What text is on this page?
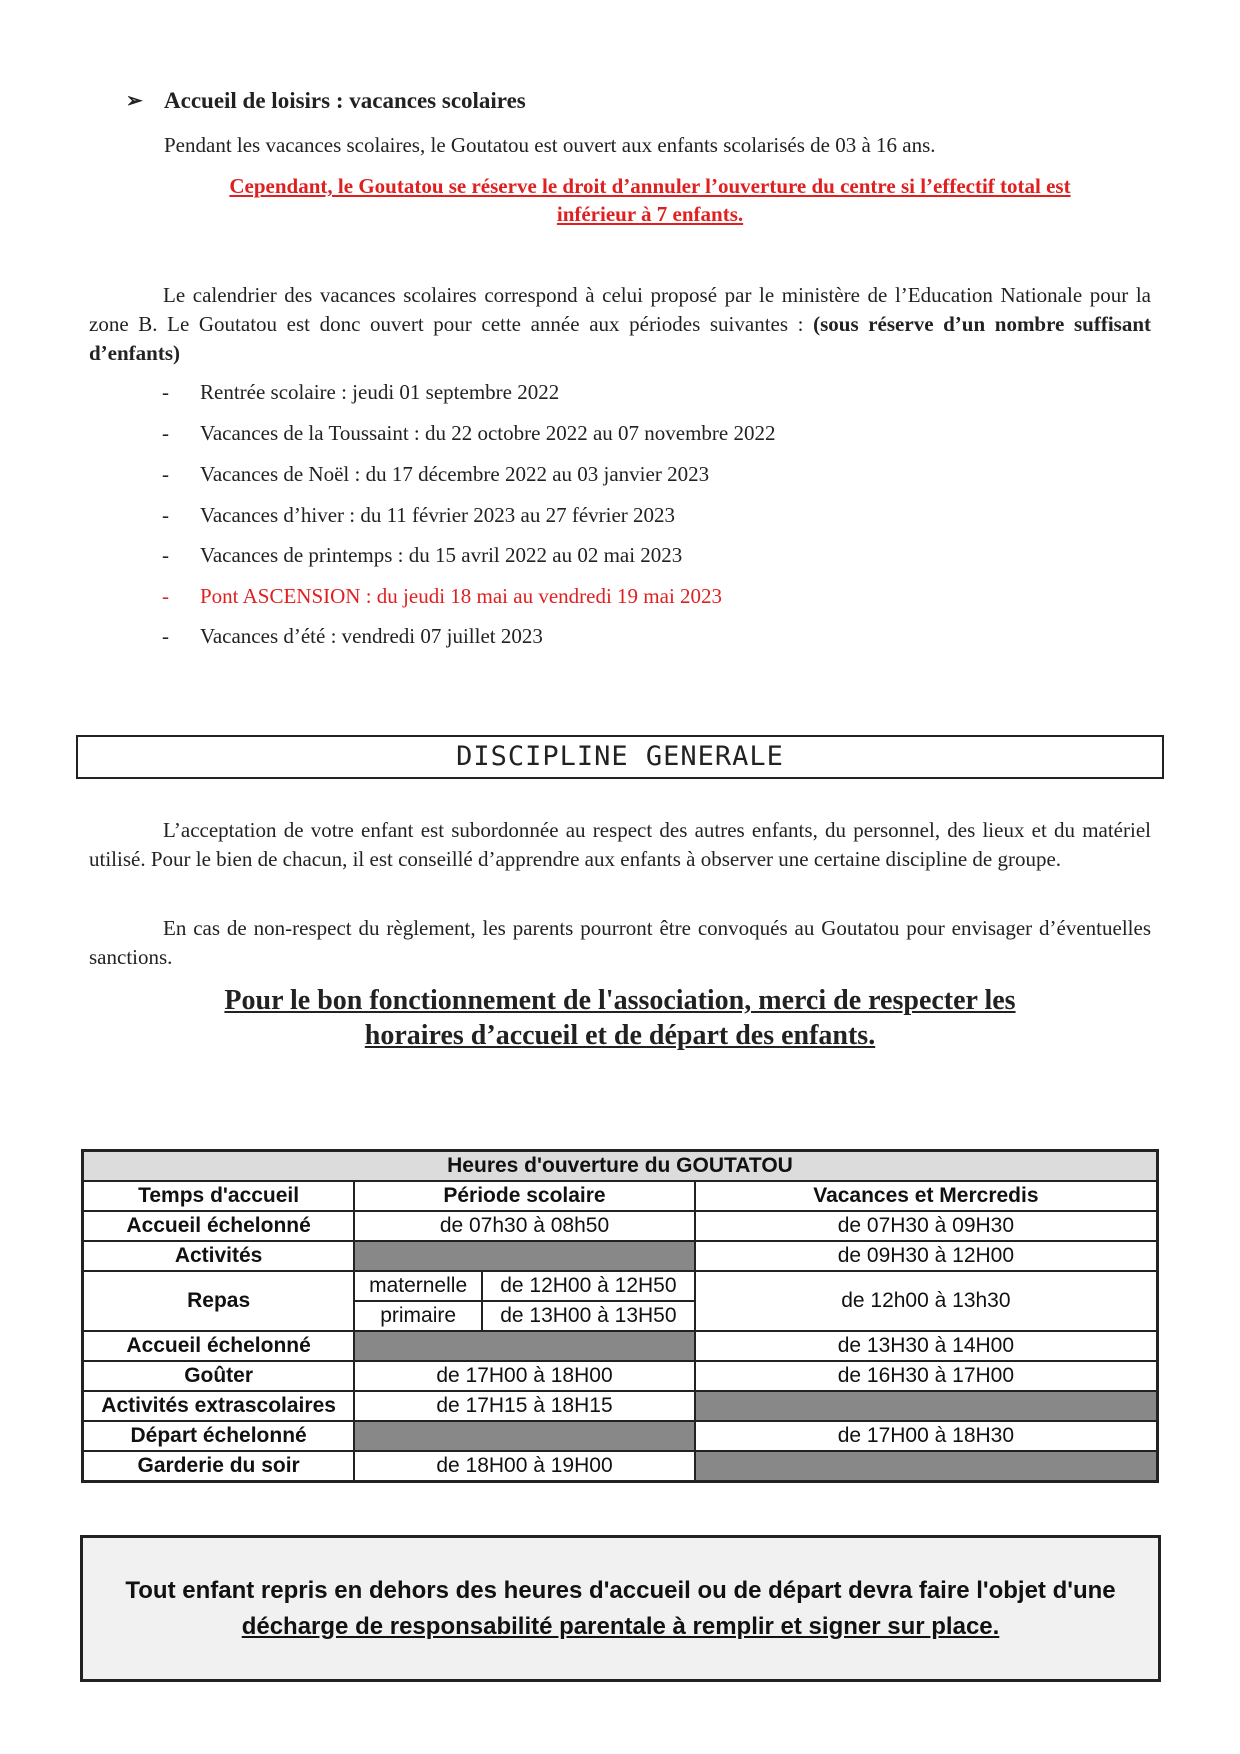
➢ Accueil de loisirs : vacances scolaires
Pendant les vacances scolaires, le Goutatou est ouvert aux enfants scolarisés de 03 à 16 ans.
Cependant, le Goutatou se réserve le droit d’annuler l’ouverture du centre si l’effectif total est
inférieur à 7 enfants.
Le calendrier des vacances scolaires correspond à celui proposé par le ministère de l’Education Nationale pour la zone B. Le Goutatou est donc ouvert pour cette année aux périodes suivantes : (sous réserve d’un nombre suffisant d’enfants)
- Rentrée scolaire : jeudi 01 septembre 2022
- Vacances de la Toussaint : du 22 octobre 2022 au 07 novembre 2022
- Vacances de Noël : du 17 décembre 2022 au 03 janvier 2023
- Vacances d’hiver : du 11 février 2023 au 27 février 2023
- Vacances de printemps : du 15 avril 2022 au 02 mai 2023
- Pont ASCENSION : du jeudi 18 mai au vendredi 19 mai 2023
- Vacances d’été : vendredi 07 juillet 2023
DISCIPLINE GENERALE
L’acceptation de votre enfant est subordonnée au respect des autres enfants, du personnel, des lieux et du matériel utilisé. Pour le bien de chacun, il est conseillé d’apprendre aux enfants à observer une certaine discipline de groupe.
En cas de non-respect du règlement, les parents pourront être convoqués au Goutatou pour envisager d’éventuelles sanctions.
Pour le bon fonctionnement de l'association, merci de respecter les
horaires d’accueil et de départ des enfants.
Heures d'ouverture du GOUTATOU			
Temps d'accueil	Période scolaire		Vacances et Mercredis
Accueil échelonné	de 07h30 à 08h50		de 07H30 à 09H30
Activités			de 09H30 à 12H00
Repas	maternelle	de 12H00 à 12H50	de 12h00 à 13h30
	primaire	de 13H00 à 13H50	
Accueil échelonné			de 13H30 à 14H00
Goûter	de 17H00 à 18H00		de 16H30 à 17H00
Activités extrascolaires	de 17H15 à 18H15		
Départ échelonné			de 17H00 à 18H30
Garderie du soir	de 18H00 à 19H00		
Tout enfant repris en dehors des heures d'accueil ou de départ devra faire l'objet d'une
décharge de responsabilité parentale à remplir et signer sur place.
